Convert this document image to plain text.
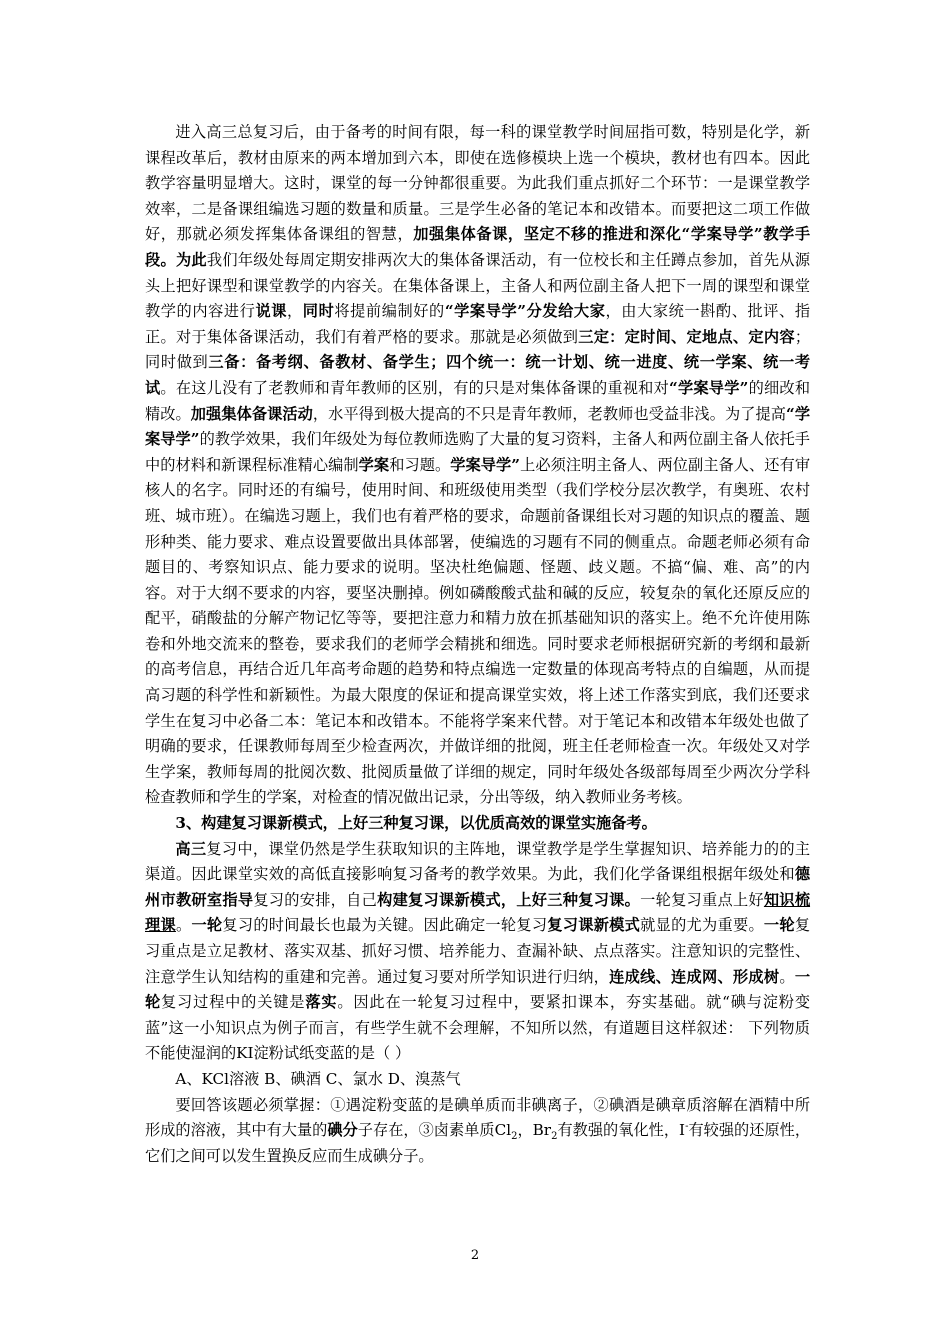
进入高三总复习后，由于备考的时间有限，每一科的课堂教学时间屈指可数，特别是化学，新课程改革后，教材由原来的两本增加到六本，即使在选修模块上选一个模块，教材也有四本。因此教学容量明显增大。这时，课堂的每一分钟都很重要。为此我们重点抓好二个环节：一是课堂教学效率，二是备课组编选习题的数量和质量。三是学生必备的笔记本和改错本。而要把这二项工作做好，那就必须发挥集体备课组的智慧，加强集体备课，坚定不移的推进和深化“学案导学”教学手段。为此我们年级处每周定期安排两次大的集体备课活动，有一位校长和主任蹲点参加，首先从源头上把好课型和课堂教学的内容关。在集体备课上，主备人和两位副主备人把下一周的课型和课堂教学的内容进行说课，同时将提前编制好的“学案导学”分发给大家，由大家统一斟酌、批评、指正。对于集体备课活动，我们有着严格的要求。那就是必须做到三定：定时间、定地点、定内容；同时做到三备：备考纲、备教材、备学生；四个统一：统一计划、统一进度、统一学案、统一考试。在这儿没有了老教师和青年教师的区别，有的只是对集体备课的重视和对“学案导学”的细改和精改。加强集体备课活动，水平得到极大提高的不只是青年教师，老教师也受益非浅。为了提高“学案导学”的教学效果，我们年级处为每位教师选购了大量的复习资料，主备人和两位副主备人依托手中的材料和新课程标准精心编制学案和习题。学案导学”上必须注明主备人、两位副主备人、还有审核人的名字。同时还的有编号，使用时间、和班级使用类型（我们学校分层次教学，有奥班、农村班、城市班）。在编选习题上，我们也有着严格的要求，命题前备课组长对习题的知识点的覆盖、题形种类、能力要求、难点设置要做出具体部署，使编选的习题有不同的侧重点。命题老师必须有命题目的、考察知识点、能力要求的说明。坚决杜绝偏题、怪题、歧义题。不搞“偏、难、高”的内容。对于大纲不要求的内容，要坚决删掉。例如磷酸酸式盐和碱的反应，较复杂的氧化还原反应的配平，硝酸盐的分解产物记忆等等，要把注意力和精力放在抓基础知识的落实上。绝不允许使用陈卷和外地交流来的整卷，要求我们的老师学会精挑和细选。同时要求老师根据研究新的考纲和最新的高考信息，再结合近几年高考命题的趋势和特点编选一定数量的体现高考特点的自编题，从而提高习题的科学性和新颖性。为最大限度的保证和提高课堂实效，将上述工作落实到底，我们还要求学生在复习中必备二本：笔记本和改错本。不能将学案来代替。对于笔记本和改错本年级处也做了明确的要求，任课教师每周至少检查两次，并做详细的批阅，班主任老师检查一次。年级处又对学生学案，教师每周的批阅次数、批阅质量做了详细的规定，同时年级处各级部每周至少两次分学科检查教师和学生的学案，对检查的情况做出记录，分出等级，纳入教师业务考核。

3、构建复习课新模式，上好三种复习课，以优质高效的课堂实施备考。

高三复习中，课堂仍然是学生获取知识的主阵地，课堂教学是学生掌握知识、培养能力的的主渠道。因此课堂实效的高低直接影响复习备考的教学效果。为此，我们化学备课组根据年级处和德州市教研室指导复习的安排，自己构建复习课新模式，上好三种复习课。一轮复习重点上好知识梳理课。一轮复习的时间最长也最为关键。因此确定一轮复习复习课新模式就显的尤为重要。一轮复习重点是立足教材、落实双基、抓好习惯、培养能力、查漏补缺、点点落实。注意知识的完整性、注意学生认知结构的重建和完善。通过复习要对所学知识进行归纳，连成线、连成网、形成树。一轮复习过程中的关键是落实。因此在一轮复习过程中，要紧扣课本，夯实基础。就“碘与淀粉变蓝”这一小知识点为例子而言，有些学生就不会理解，不知所以然，有道题目这样叙述： 下列物质不能使湿润的KI淀粉试纸变蓝的是（ ）

A、KCl溶液 B、碘酒 C、氯水 D、溴蒸气

要回答该题必须掌握：①遇淀粉变蓝的是碘单质而非碘离子，②碘酒是碘章质溶解在酒精中所形成的溶液，其中有大量的碘分子存在，③卤素单质$Cl_2$，$Br_2$有教强的氧化性，I-有较强的还原性，它们之间可以发生置换反应而生成碘分子。

2
